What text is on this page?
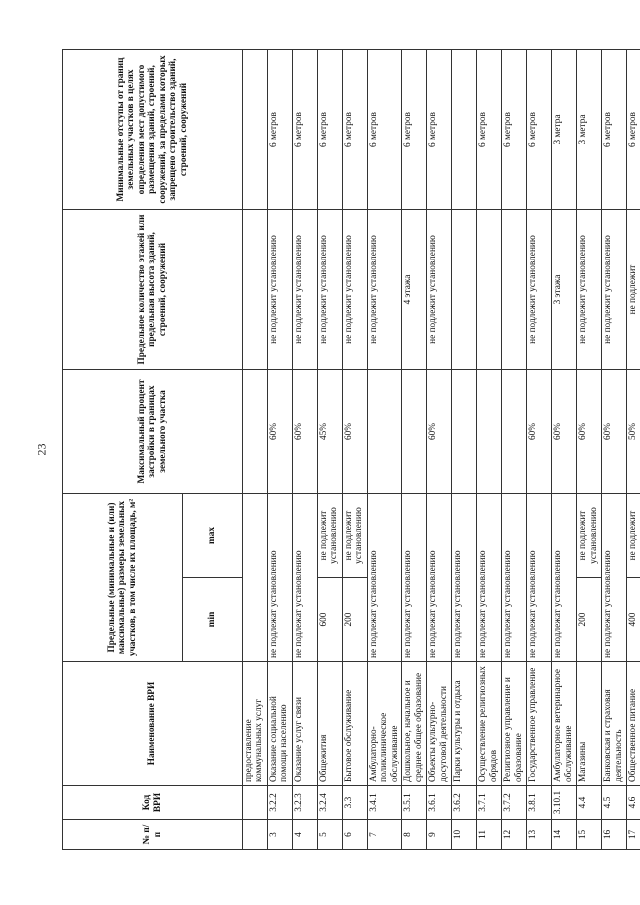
23
№ п/п	Код ВРИ	Наименование ВРИ	Предельные (минимальные и (или) максимальные) размеры земельных участков, в том числе их площадь, м²		Максимальный процент застройки в границах земельного участка	Предельное количество этажей или предельная высота зданий, строений, сооружений	Минимальные отступы от границ земельных участков в целях определения мест допустимого размещения зданий, строений, сооружений, за пределами которых запрещено строительство зданий, строений, сооружений
			min	max			
		предоставление коммунальных услуг					
3	3.2.2	Оказание социальной помощи населению	не подлежат установлению		60%	не подлежит установлению	6 метров
4	3.2.3	Оказание услуг связи	не подлежат установлению		60%	не подлежит установлению	6 метров
5	3.2.4	Общежития	600	не подлежит установлению	45%	не подлежит установлению	6 метров
6	3.3	Бытовое обслуживание	200	не подлежит установлению	60%	не подлежит установлению	6 метров
7	3.4.1	Амбулаторно-поликлиническое обслуживание	не подлежат установлению			не подлежит установлению	6 метров
8	3.5.1	Дошкольное, начальное и среднее общее образование	не подлежат установлению			4 этажа	6 метров
9	3.6.1	Объекты культурно-досуговой деятельности	не подлежат установлению		60%	не подлежит установлению	6 метров
10	3.6.2	Парки культуры и отдыха	не подлежат установлению				
11	3.7.1	Осуществление религиозных обрядов	не подлежат установлению				6 метров
12	3.7.2	Религиозное управление и образование	не подлежат установлению				6 метров
13	3.8.1	Государственное управление	не подлежат установлению		60%	не подлежит установлению	6 метров
14	3.10.1	Амбулаторное ветеринарное обслуживание	не подлежат установлению		60%	3 этажа	3 метра
15	4.4	Магазины	200	не подлежит установлению	60%	не подлежит установлению	3 метра
16	4.5	Банковская и страховая деятельность	не подлежат установлению		60%	не подлежит установлению	6 метров
17	4.6	Общественное питание	400	не подлежит	50%	не подлежит	6 метров
